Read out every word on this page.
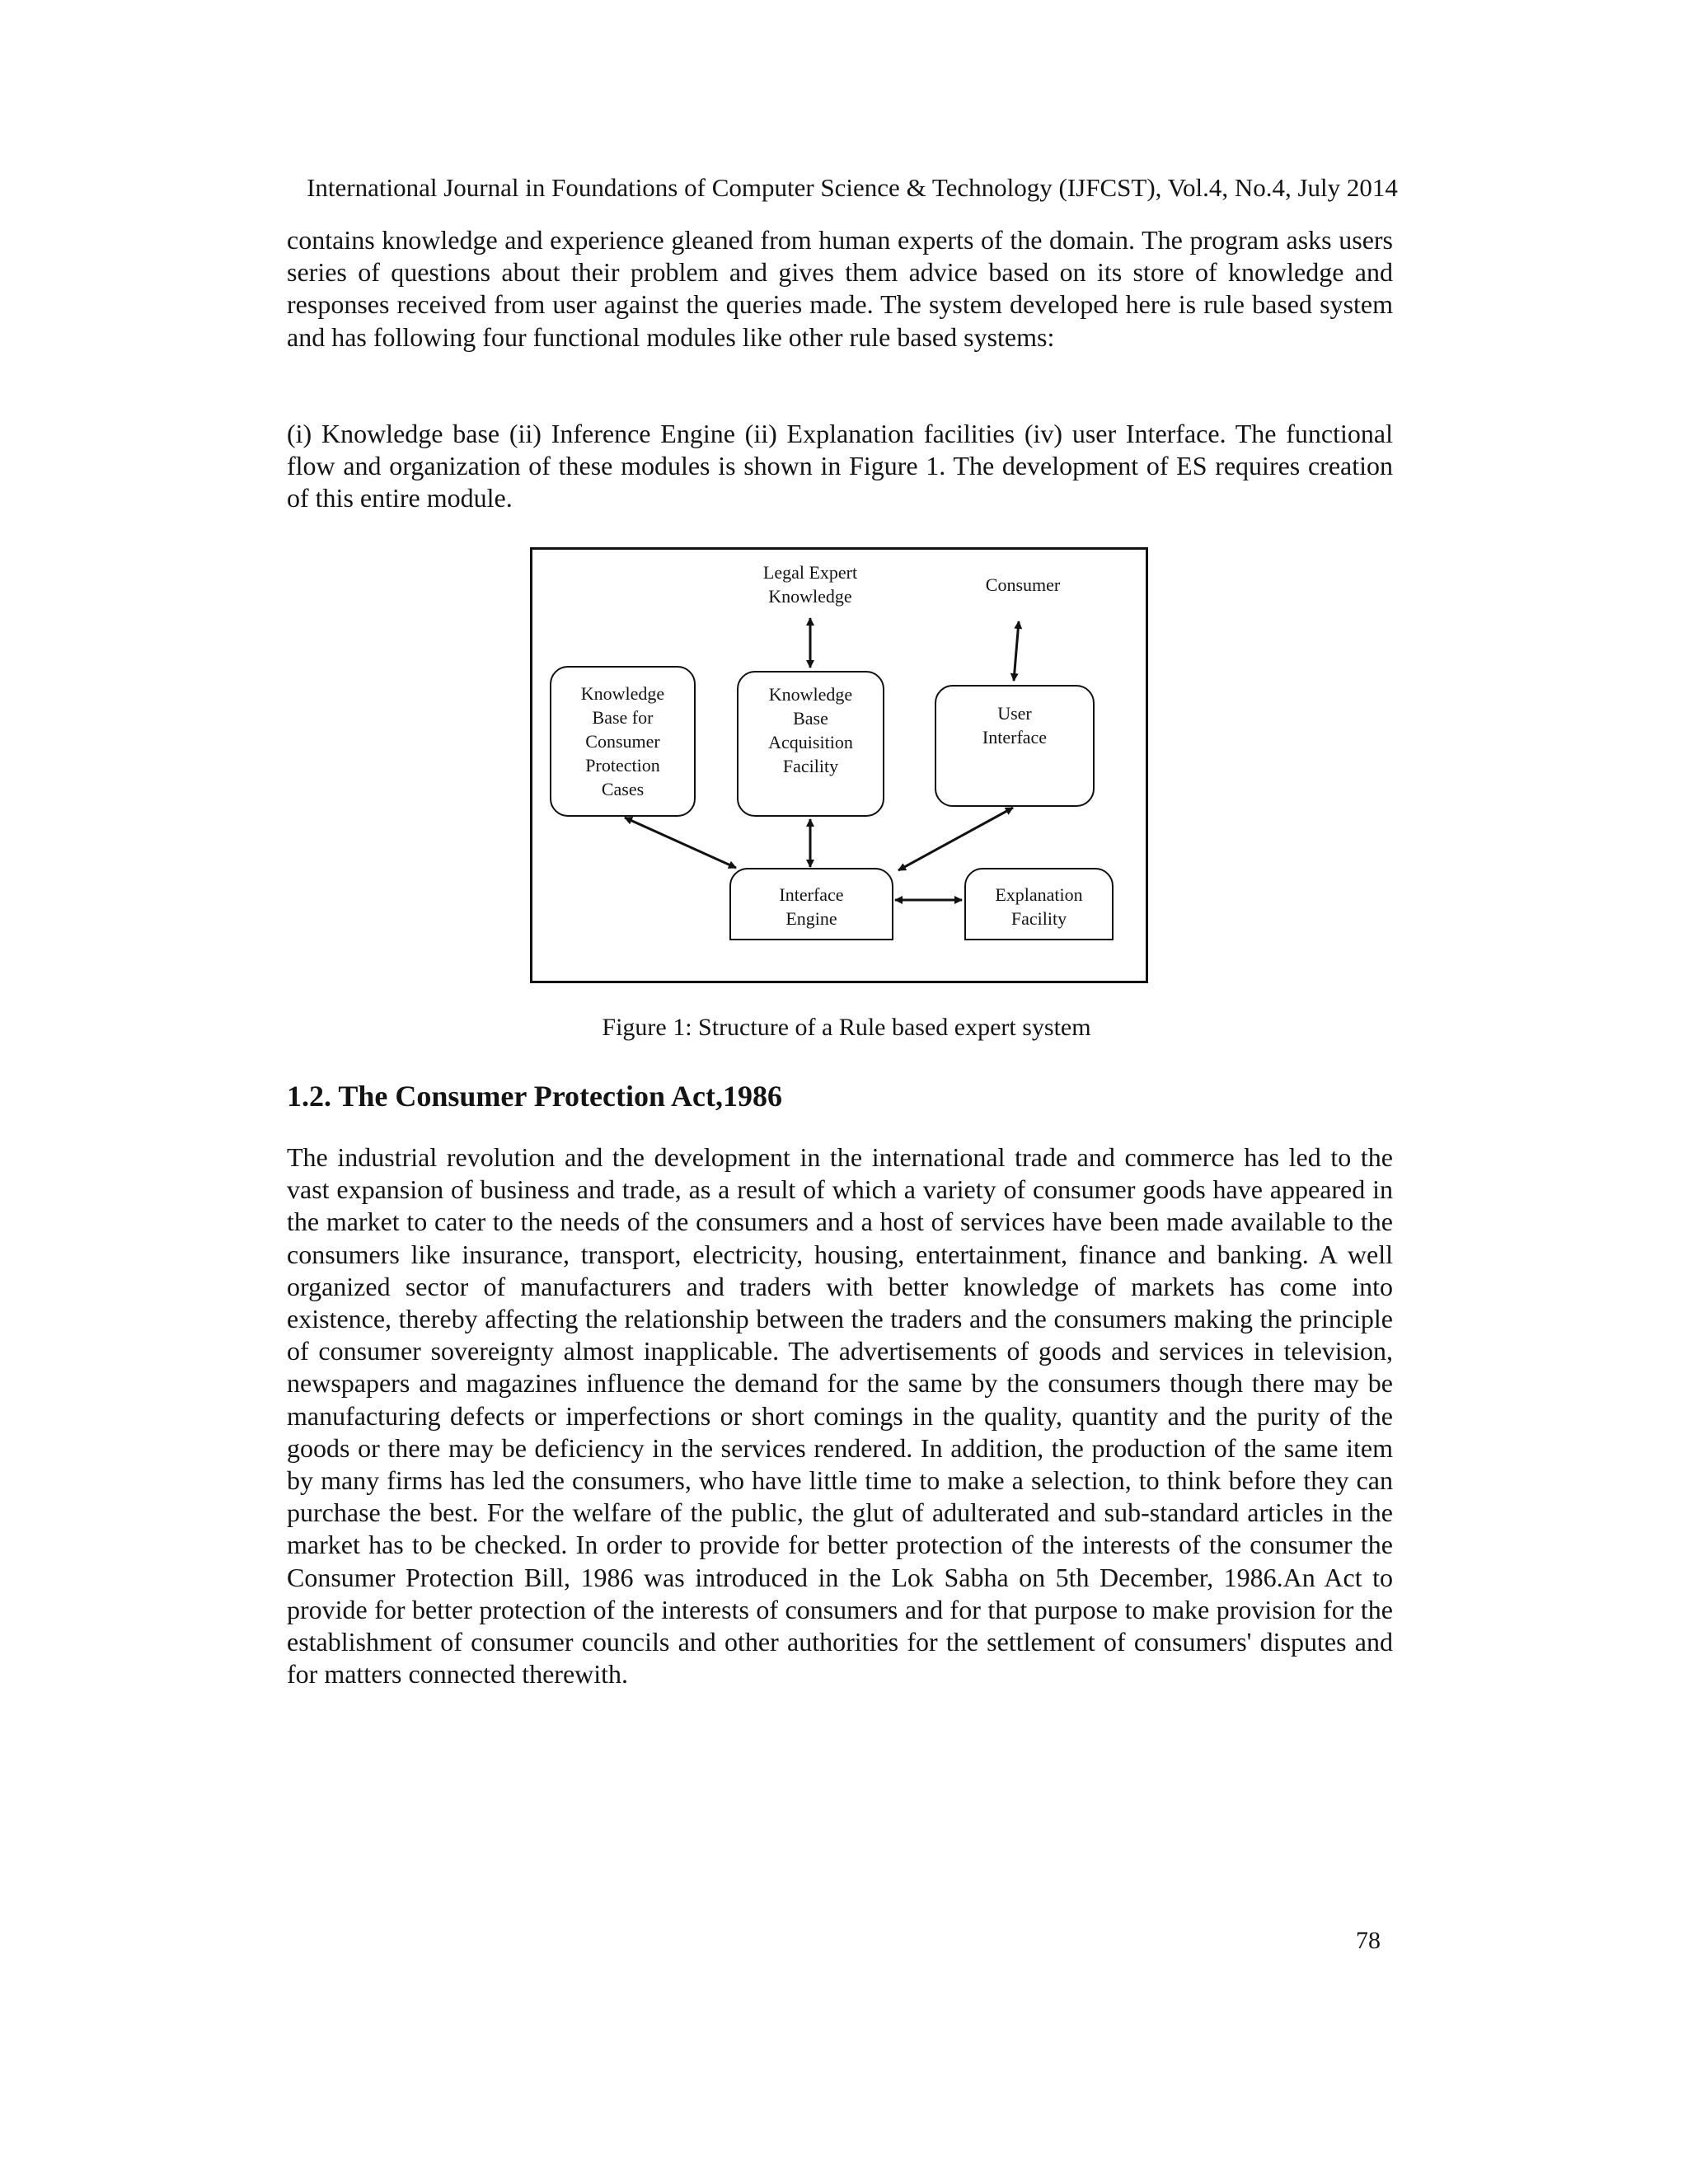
International Journal in Foundations of Computer Science & Technology (IJFCST), Vol.4, No.4, July 2014

contains knowledge and experience gleaned from human experts of the domain. The program asks users series of questions about their problem and gives them advice based on its store of knowledge and responses received from user against the queries made. The system developed here is rule based system and has following four functional modules like other rule based systems:

(i) Knowledge base (ii) Inference Engine (ii) Explanation facilities (iv) user Interface. The functional flow and organization of these modules is shown in Figure 1. The development of ES requires creation of this entire module.

Legal Expert
Knowledge
Consumer
Knowledge
Base for
Consumer
Protection
Cases
Knowledge
Base
Acquisition
Facility
User
Interface
Interface
Engine
Explanation
Facility
Figure 1: Structure of a Rule based expert system
1.2. The Consumer Protection Act,1986

The industrial revolution and the development in the international trade and commerce has led to the vast expansion of business and trade, as a result of which a variety of consumer goods have appeared in the market to cater to the needs of the consumers and a host of services have been made available to the consumers like insurance, transport, electricity, housing, entertainment, finance and banking. A well organized sector of manufacturers and traders with better knowledge of markets has come into existence, thereby affecting the relationship between the traders and the consumers making the principle of consumer sovereignty almost inapplicable. The advertisements of goods and services in television, newspapers and magazines influence the demand for the same by the consumers though there may be manufacturing defects or imperfections or short comings in the quality, quantity and the purity of the goods or there may be deficiency in the services rendered. In addition, the production of the same item by many firms has led the consumers, who have little time to make a selection, to think before they can purchase the best. For the welfare of the public, the glut of adulterated and sub-standard articles in the market has to be checked. In order to provide for better protection of the interests of the consumer the Consumer Protection Bill, 1986 was introduced in the Lok Sabha on 5th December, 1986.An Act to provide for better protection of the interests of consumers and for that purpose to make provision for the establishment of consumer councils and other authorities for the settlement of consumers' disputes and for matters connected therewith.

78
